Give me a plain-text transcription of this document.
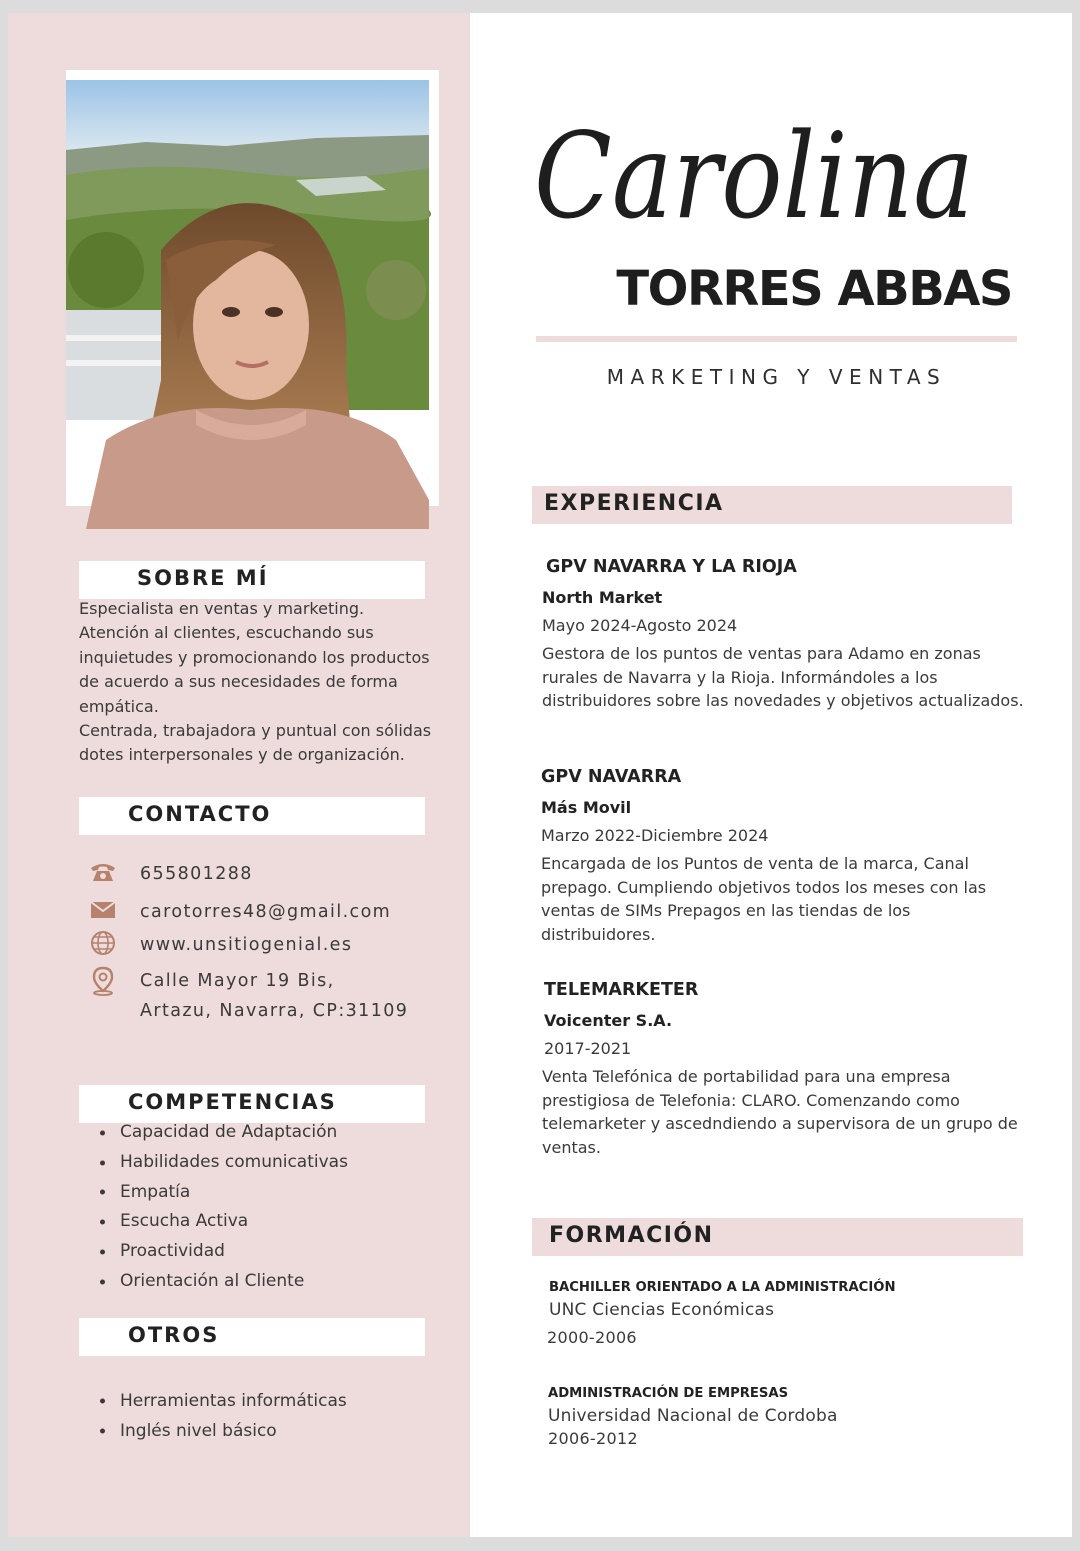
SOBRE MÍ

Especialista en ventas y marketing. Atención al clientes, escuchando sus inquietudes y promocionando los productos de acuerdo a sus necesidades de forma empática.

Centrada, trabajadora y puntual con sólidas dotes interpersonales y de organización.

CONTACTO
655801288
carotorres48@gmail.com
www.unsitiogenial.es
Calle Mayor 19 Bis,
Artazu, Navarra, CP:31109
COMPETENCIAS
Capacidad de Adaptación
Habilidades comunicativas
Empatía
Escucha Activa
Proactividad
Orientación al Cliente
OTROS
Herramientas informáticas
Inglés nivel básico
Carolina
TORRES ABBAS
MARKETING Y VENTAS
EXPERIENCIA
GPV NAVARRA Y LA RIOJA
North Market
Mayo 2024-Agosto 2024
Gestora de los puntos de ventas para Adamo en zonas rurales de Navarra y la Rioja. Informándoles a los distribuidores sobre las novedades y objetivos actualizados.
GPV NAVARRA
Más Movil
Marzo 2022-Diciembre 2024
Encargada de los Puntos de venta de la marca, Canal prepago. Cumpliendo objetivos todos los meses con las ventas de SIMs Prepagos en las tiendas de los distribuidores.
TELEMARKETER
Voicenter S.A.
2017-2021
Venta Telefónica de portabilidad para una empresa prestigiosa de Telefonia: CLARO. Comenzando como telemarketer y ascedndiendo a supervisora de un grupo de ventas.
FORMACIÓN
BACHILLER ORIENTADO A LA ADMINISTRACIÓN
UNC Ciencias Económicas
2000-2006
ADMINISTRACIÓN DE EMPRESAS
Universidad Nacional de Cordoba
2006-2012
